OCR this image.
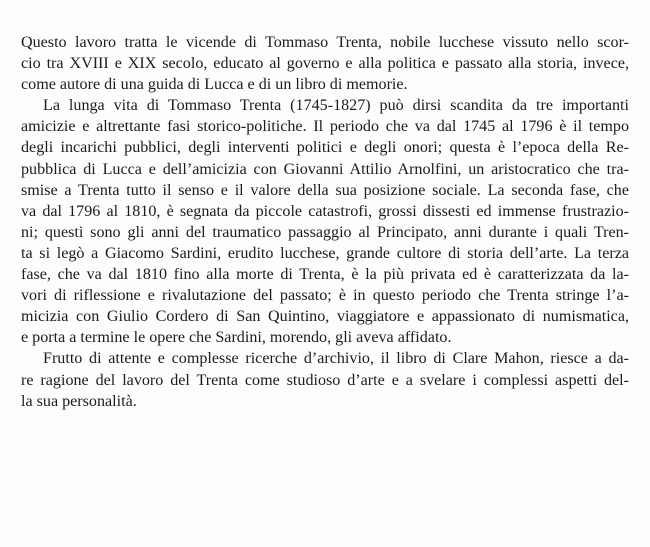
Questo lavoro tratta le vicende di Tommaso Trenta, nobile lucchese vissuto nello scor-
cio tra XVIII e XIX secolo, educato al governo e alla politica e passato alla storia, invece,
come autore di una guida di Lucca e di un libro di memorie.
La lunga vita di Tommaso Trenta (1745-1827) può dirsi scandita da tre importanti
amicizie e altrettante fasi storico-politiche. Il periodo che va dal 1745 al 1796 è il tempo
degli incarichi pubblici, degli interventi politici e degli onori; questa è l’epoca della Re-
pubblica di Lucca e dell’amicizia con Giovanni Attilio Arnolfini, un aristocratico che tra-
smise a Trenta tutto il senso e il valore della sua posizione sociale. La seconda fase, che
va dal 1796 al 1810, è segnata da piccole catastrofi, grossi dissesti ed immense frustrazio-
ni; questi sono gli anni del traumatico passaggio al Principato, anni durante i quali Tren-
ta si legò a Giacomo Sardini, erudito lucchese, grande cultore di storia dell’arte. La terza
fase, che va dal 1810 fino alla morte di Trenta, è la più privata ed è caratterizzata da la-
vori di riflessione e rivalutazione del passato; è in questo periodo che Trenta stringe l’a-
micizia con Giulio Cordero di San Quintino, viaggiatore e appassionato di numismatica,
e porta a termine le opere che Sardini, morendo, gli aveva affidato.
Frutto di attente e complesse ricerche d’archivio, il libro di Clare Mahon, riesce a da-
re ragione del lavoro del Trenta come studioso d’arte e a svelare i complessi aspetti del-
la sua personalità.
